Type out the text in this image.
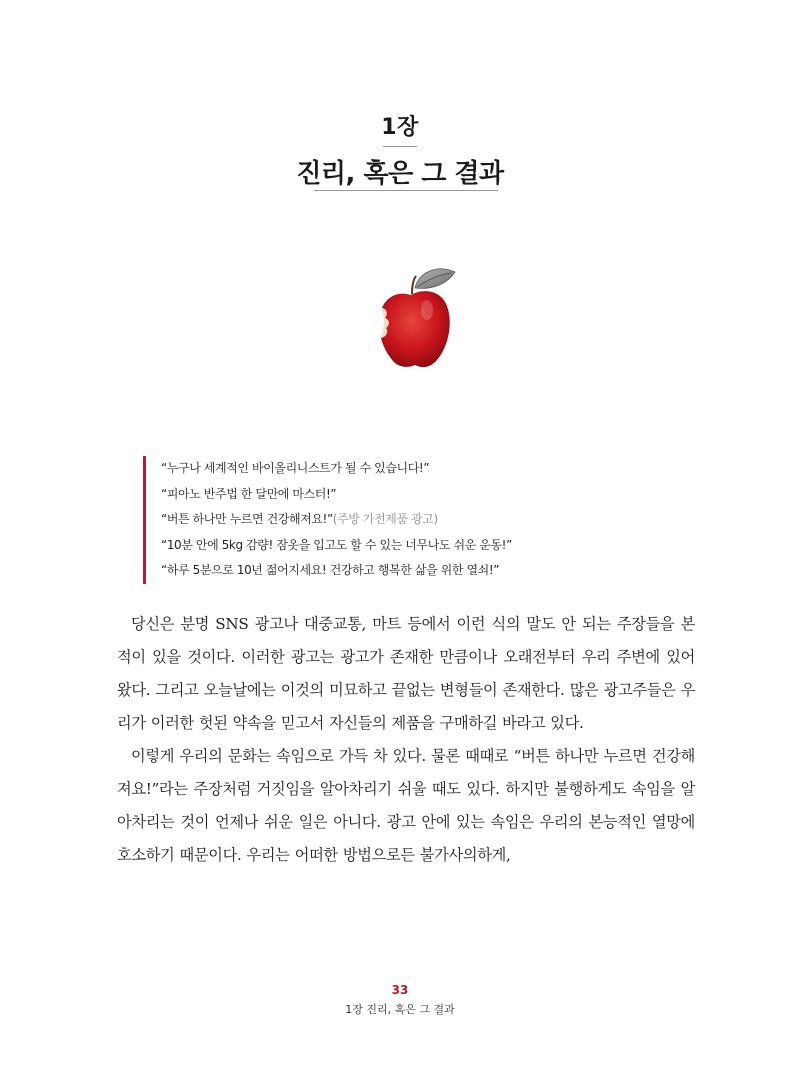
1장
진리, 혹은 그 결과
“누구나 세계적인 바이올리니스트가 될 수 있습니다!”
“피아노 반주법 한 달만에 마스터!”
“버튼 하나만 누르면 건강해져요!”(주방 가전제품 광고)
“10분 안에 5kg 감량! 잠옷을 입고도 할 수 있는 너무나도 쉬운 운동!”
“하루 5분으로 10년 젊어지세요! 건강하고 행복한 삶을 위한 열쇠!”

당신은 분명 SNS 광고나 대중교통, 마트 등에서 이런 식의 말도 안 되는 주장들을 본 적이 있을 것이다. 이러한 광고는 광고가 존재한 만큼이나 오래전부터 우리 주변에 있어 왔다. 그리고 오늘날에는 이것의 미묘하고 끝없는 변형들이 존재한다. 많은 광고주들은 우리가 이러한 헛된 약속을 믿고서 자신들의 제품을 구매하길 바라고 있다.

이렇게 우리의 문화는 속임으로 가득 차 있다. 물론 때때로 “버튼 하나만 누르면 건강해져요!”라는 주장처럼 거짓임을 알아차리기 쉬울 때도 있다. 하지만 불행하게도 속임을 알아차리는 것이 언제나 쉬운 일은 아니다. 광고 안에 있는 속임은 우리의 본능적인 열망에 호소하기 때문이다. 우리는 어떠한 방법으로든 불가사의하게,

33
1장 진리, 혹은 그 결과
